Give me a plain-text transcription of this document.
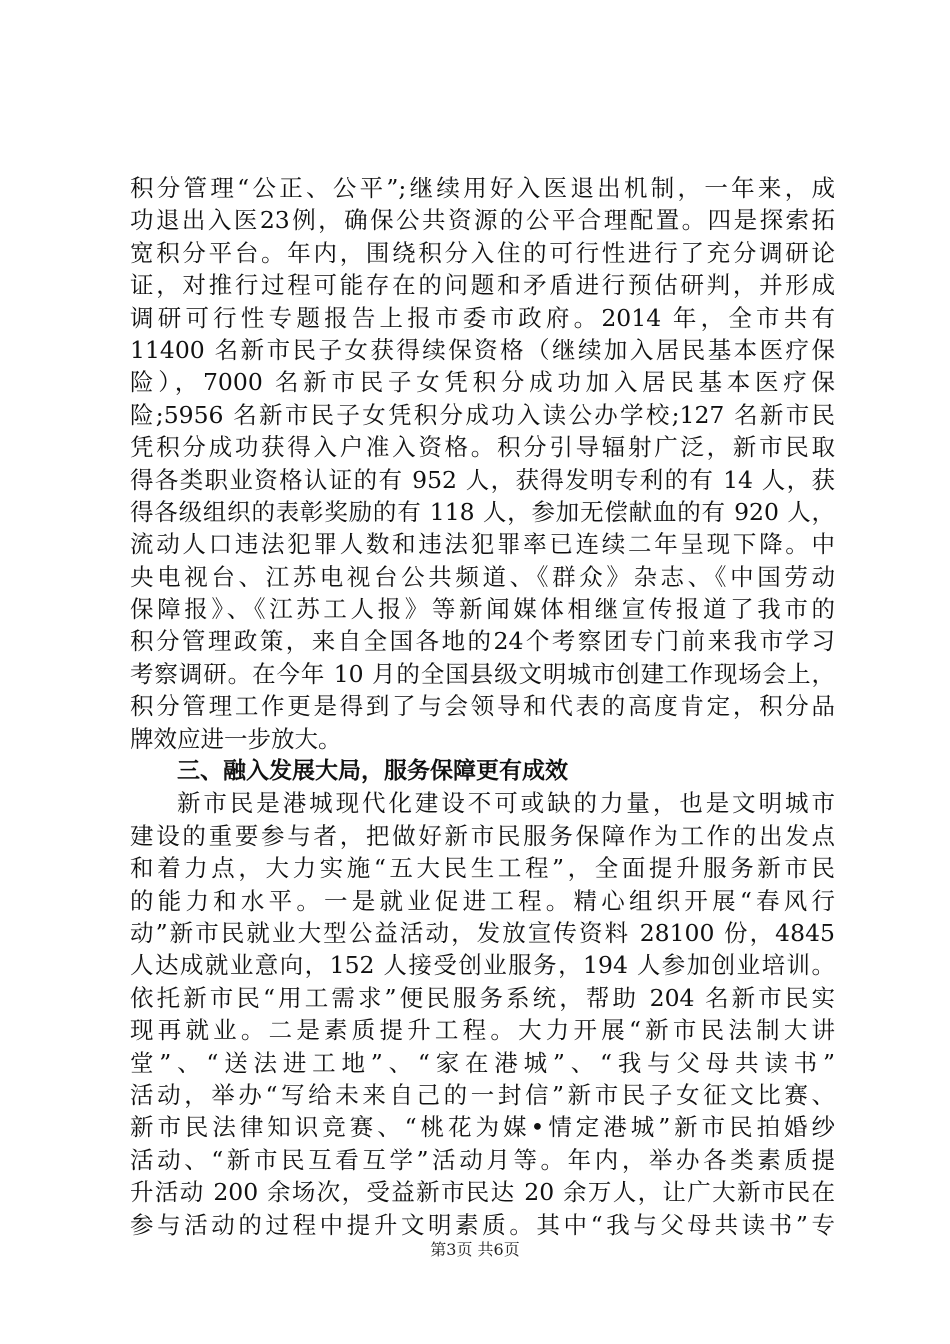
积分管理“公正、公平”;继续用好入医退出机制，一年来，成
功退出入医23例，确保公共资源的公平合理配置。四是探索拓
宽积分平台。年内，围绕积分入住的可行性进行了充分调研论
证，对推行过程可能存在的问题和矛盾进行预估研判，并形成
调研可行性专题报告上报市委市政府。2014 年，全市共有
11400 名新市民子女获得续保资格（继续加入居民基本医疗保
险），7000 名新市民子女凭积分成功加入居民基本医疗保
险;5956 名新市民子女凭积分成功入读公办学校;127 名新市民
凭积分成功获得入户准入资格。积分引导辐射广泛，新市民取
得各类职业资格认证的有 952 人，获得发明专利的有 14 人，获
得各级组织的表彰奖励的有 118 人，参加无偿献血的有 920 人，
流动人口违法犯罪人数和违法犯罪率已连续二年呈现下降。中
央电视台、江苏电视台公共频道、《群众》杂志、《中国劳动
保障报》、《江苏工人报》等新闻媒体相继宣传报道了我市的
积分管理政策，来自全国各地的24个考察团专门前来我市学习
考察调研。在今年 10 月的全国县级文明城市创建工作现场会上，
积分管理工作更是得到了与会领导和代表的高度肯定，积分品
牌效应进一步放大。
三、融入发展大局，服务保障更有成效
新市民是港城现代化建设不可或缺的力量，也是文明城市
建设的重要参与者，把做好新市民服务保障作为工作的出发点
和着力点，大力实施“五大民生工程”，全面提升服务新市民
的能力和水平。一是就业促进工程。精心组织开展“春风行
动”新市民就业大型公益活动，发放宣传资料 28100 份，4845
人达成就业意向，152 人接受创业服务，194 人参加创业培训。
依托新市民“用工需求”便民服务系统，帮助 204 名新市民实
现再就业。二是素质提升工程。大力开展“新市民法制大讲
堂”、“送法进工地”、“家在港城”、“我与父母共读书”
活动，举办“写给未来自己的一封信”新市民子女征文比赛、
新市民法律知识竞赛、“桃花为媒•情定港城”新市民拍婚纱
活动、“新市民互看互学”活动月等。年内，举办各类素质提
升活动 200 余场次，受益新市民达 20 余万人，让广大新市民在
参与活动的过程中提升文明素质。其中“我与父母共读书”专
第3页 共6页
